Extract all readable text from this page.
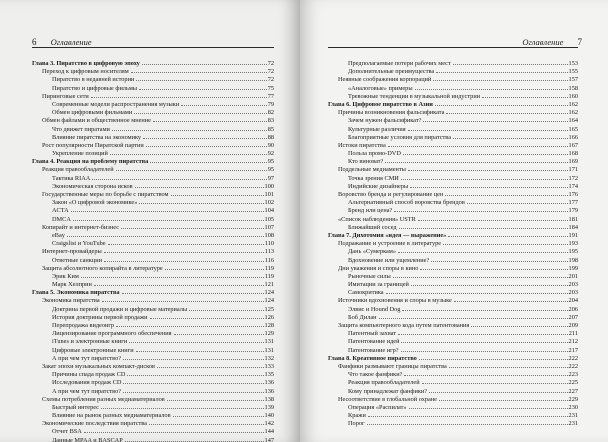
6 Оглавление
Глава 3. Пиратство в цифровую эпоху	72
Переход к цифровым носителям	72
Пиратство в недавней истории	72
Пиратство и цифровые фильмы	75
Пиринговые сети	77
Современные модели распространения музыки	79
Обмен цифровыми фильмами	82
Обмен файлами и общественное мнение	83
Что движет пиратами	85
Влияние пиратства на экономику	88
Рост популярности Пиратской партии	90
Укрепление позиций	92
Глава 4. Реакция на проблему пиратства	95
Реакция правообладателей	95
Тактика RIAA	97
Экономическая сторона исков	100
Государственные меры по борьбе с пиратством	101
Закон «О цифровой экономике»	102
ACTA	104
DMCA	105
Копирайт и интернет-бизнес	107
eBay	108
Craigslist и YouTube	110
Интернет-провайдеры	113
Ответные санкции	116
Защита абсолютного копирайта в литературе	119
Эрик Ким	119
Марк Хелприн	121
Глава 5. Экономика пиратства	124
Экономика пиратства	124
Доктрина первой продажи и цифровые материалы	125
История доктрины первой продажи	126
Перепродажа видеоигр	128
Лицензирование программного обеспечения	129
iTunes и электронные книги	131
Цифровые электронные книги	131
А при чем тут пиратство?	132
Закат эпохи музыкальных компакт-дисков	133
Причины спада продаж CD	135
Исследования продаж CD	136
А при чем тут пиратство?	136
Схемы потребления разных медиаматериалов	138
Быстрый интерес	139
Влияние на рынок разных медиаматериалов	140
Экономические последствия пиратства	142
Отчет BSA	144
Данные MPAA и BASCAP	147
Оглавление 7
Предполагаемые потери рабочих мест	153
Дополнительные преимущества	155
Неявные соображения корпораций	157
«Аналоговые» примеры	158
Тревожные тенденции в музыкальной индустрии	160
Глава 6. Цифровое пиратство в Азии	162
Причины возникновения фальсификата	162
Зачем нужен фальсификат?	164
Культурные различия	165
Благоприятные условия для пиратства	166
Истоки пиратства	167
Польза промо-DVD	168
Кто виноват?	169
Поддельные медиаменты	171
Точка зрения СМИ	172
Индийские дизайнеры	174
Воровство бренда и регулирование цен	176
Альтернативный способ воровства брендов	177
Бренд или цена?	179
«Список наблюдения» USTR	181
Ближайший сосед	184
Глава 7. Дихотомия «идея — выражение»	191
Подражание и устроение в литературе	193
Дань «Сумеркам»	195
Вдохновение или ущемление?	198
Дни уважения и споры в кино	199
Рыночные силы	201
Имитации за границей	203
Самокритика	203
Источники вдохновения и споры в музыке	204
Элвис и Hound Dog	206
Боб Дилан	207
Защита компьютерного кода путем патентования	209
Патентный захват	211
Патентование идей	212
Патентование игр?	217
Глава 8. Креативное пиратство	222
Фанфики размывают границы пиратства	222
Что такое фанфики?	223
Реакция правообладателей	225
Кому принадлежат фанфики?	227
Несоответствие в глобальной охране	229
Операция «Распилат»	230
Кражи	231
Порог	231
